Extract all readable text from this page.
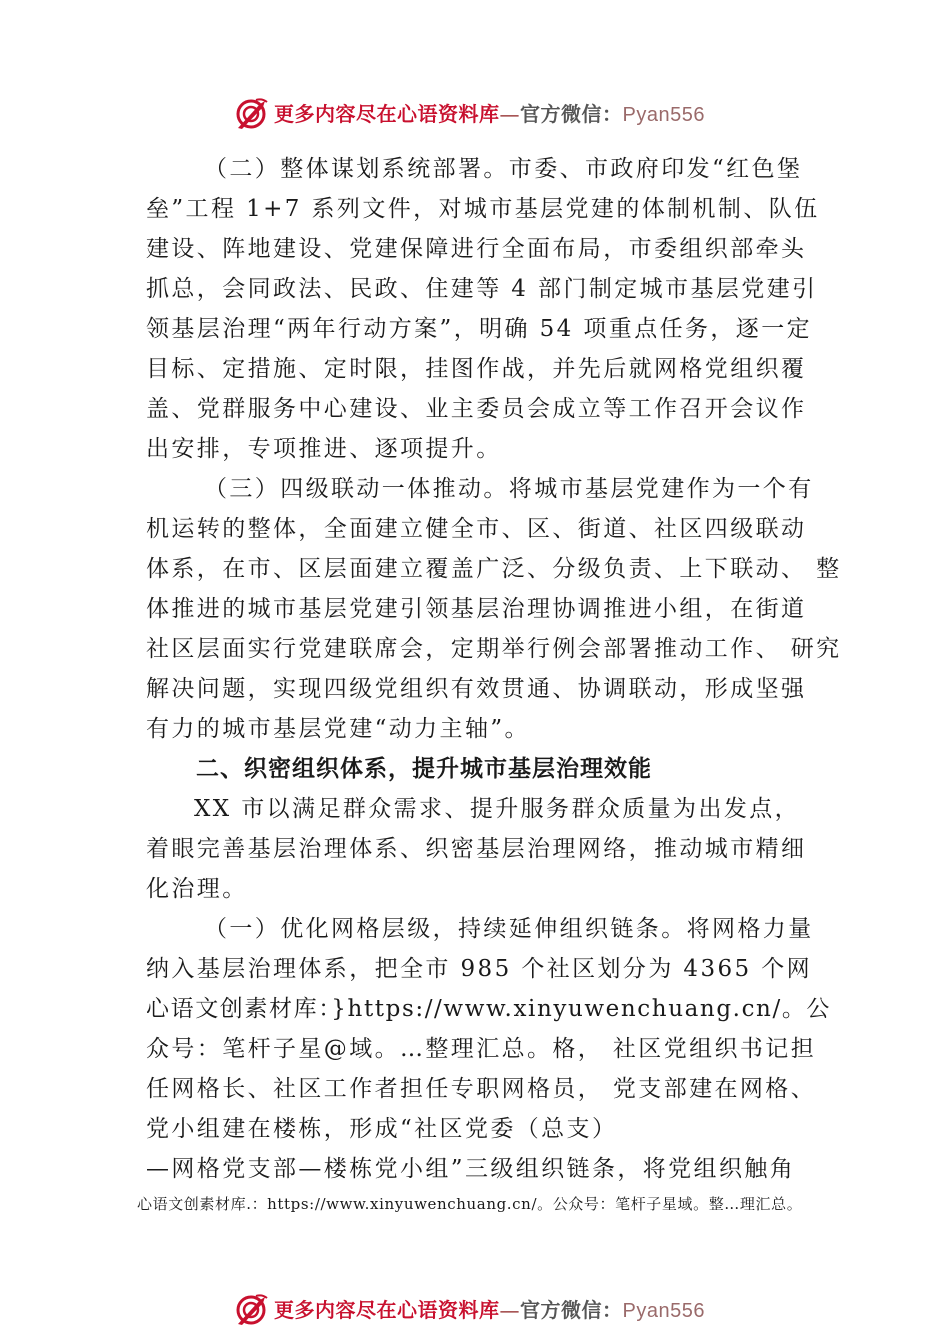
更多内容尽在心语资料库—官方微信：Pyan556
（二）整体谋划系统部署。市委、市政府印发“红色堡
垒”工程 1+7 系列文件，对城市基层党建的体制机制、队伍
建设、阵地建设、党建保障进行全面布局，市委组织部牵头
抓总，会同政法、民政、住建等 4 部门制定城市基层党建引
领基层治理“两年行动方案”，明确 54 项重点任务，逐一定
目标、定措施、定时限，挂图作战，并先后就网格党组织覆
盖、党群服务中心建设、业主委员会成立等工作召开会议作
出安排，专项推进、逐项提升。
（三）四级联动一体推动。将城市基层党建作为一个有
机运转的整体，全面建立健全市、区、街道、社区四级联动
体系，在市、区层面建立覆盖广泛、分级负责、上下联动、 整
体推进的城市基层党建引领基层治理协调推进小组，在街道
社区层面实行党建联席会，定期举行例会部署推动工作、 研究
解决问题，实现四级党组织有效贯通、协调联动，形成坚强
有力的城市基层党建“动力主轴”。
二、织密组织体系，提升城市基层治理效能
XX 市以满足群众需求、提升服务群众质量为出发点，
着眼完善基层治理体系、织密基层治理网络，推动城市精细
化治理。
（一）优化网格层级，持续延伸组织链条。将网格力量
纳入基层治理体系，把全市 985 个社区划分为 4365 个网
心语文创素材库：}https://www.xinyuwenchuang.cn/。公
众号：笔杆子星@域。…整理汇总。格， 社区党组织书记担
任网格长、社区工作者担任专职网格员， 党支部建在网格、
党小组建在楼栋，形成“社区党委（总支）
—网格党支部—楼栋党小组”三级组织链条，将党组织触角
心语文创素材库.：https://www.xinyuwenchuang.cn/。公众号：笔杆子星域。整…理汇总。
更多内容尽在心语资料库—官方微信：Pyan556
